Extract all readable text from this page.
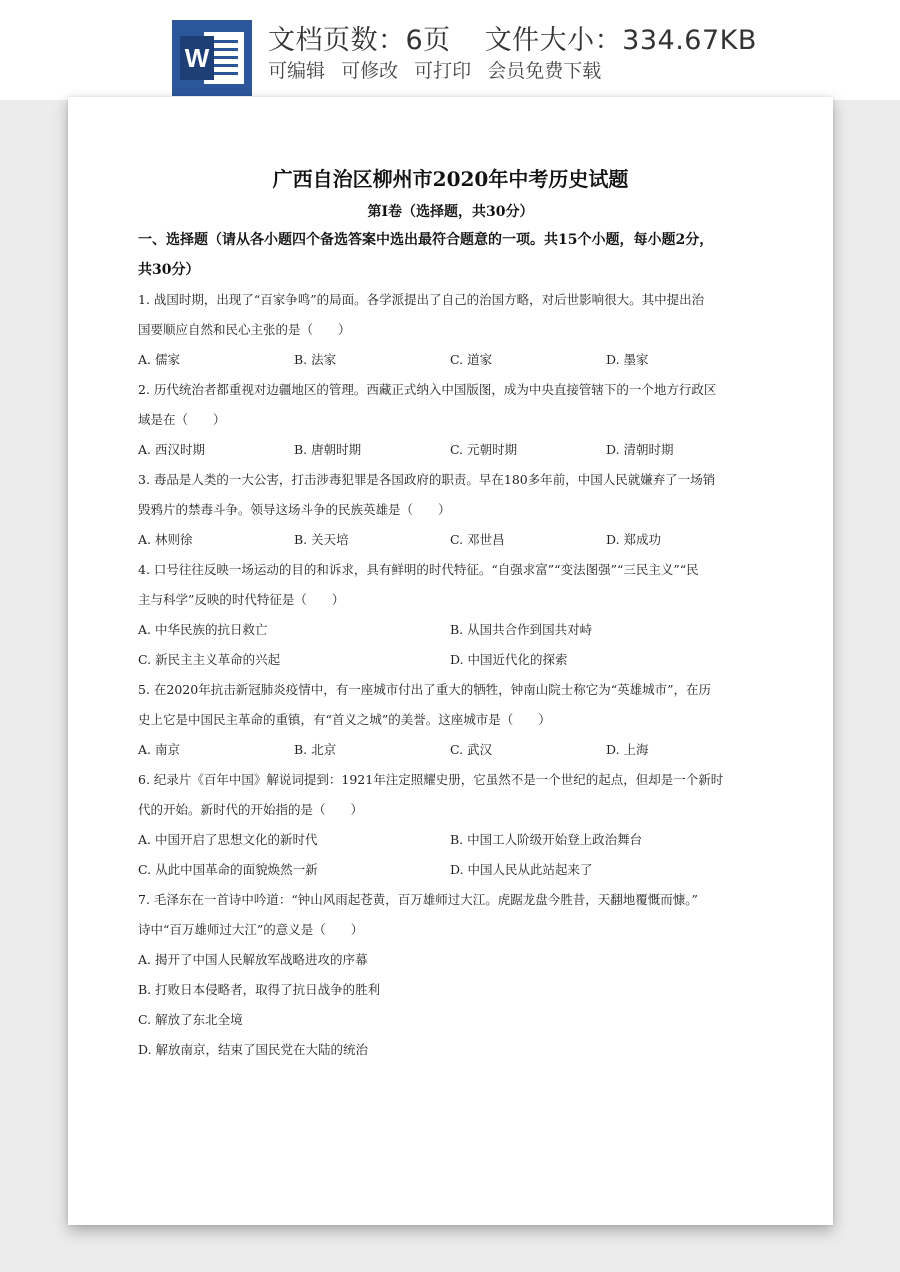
W
文档页数：6页 文件大小：334.67KB
可编辑 可修改 可打印 会员免费下载
广西自治区柳州市2020年中考历史试题
第Ⅰ卷（选择题，共30分）
一、选择题（请从各小题四个备选答案中选出最符合题意的一项。共15个小题，每小题2分，
共30分）
1. 战国时期，出现了“百家争鸣”的局面。各学派提出了自己的治国方略，对后世影响很大。其中提出治
国要顺应自然和民心主张的是（　　）
A. 儒家	B. 法家	C. 道家	D. 墨家
2. 历代统治者都重视对边疆地区的管理。西藏正式纳入中国版图，成为中央直接管辖下的一个地方行政区
域是在（　　）
A. 西汉时期	B. 唐朝时期	C. 元朝时期	D. 清朝时期
3. 毒品是人类的一大公害，打击涉毒犯罪是各国政府的职责。早在180多年前，中国人民就嫌弃了一场销
毁鸦片的禁毒斗争。领导这场斗争的民族英雄是（　　）
A. 林则徐	B. 关天培	C. 邓世昌	D. 郑成功
4. 口号往往反映一场运动的目的和诉求，具有鲜明的时代特征。“自强求富”“变法图强”“三民主义”“民
主与科学”反映的时代特征是（　　）
A. 中华民族的抗日救亡	B. 从国共合作到国共对峙
C. 新民主主义革命的兴起	D. 中国近代化的探索
5. 在2020年抗击新冠肺炎疫情中，有一座城市付出了重大的牺牲，钟南山院士称它为“英雄城市”，在历
史上它是中国民主革命的重镇，有“首义之城”的美誉。这座城市是（　　）
A. 南京	B. 北京	C. 武汉	D. 上海
6. 纪录片《百年中国》解说词提到：1921年注定照耀史册，它虽然不是一个世纪的起点，但却是一个新时
代的开始。新时代的开始指的是（　　）
A. 中国开启了思想文化的新时代	B. 中国工人阶级开始登上政治舞台
C. 从此中国革命的面貌焕然一新	D. 中国人民从此站起来了
7. 毛泽东在一首诗中吟道：“钟山风雨起苍黄，百万雄师过大江。虎踞龙盘今胜昔，天翻地覆慨而慷。”
诗中“百万雄师过大江”的意义是（　　）
A. 揭开了中国人民解放军战略进攻的序幕
B. 打败日本侵略者，取得了抗日战争的胜利
C. 解放了东北全境
D. 解放南京，结束了国民党在大陆的统治
